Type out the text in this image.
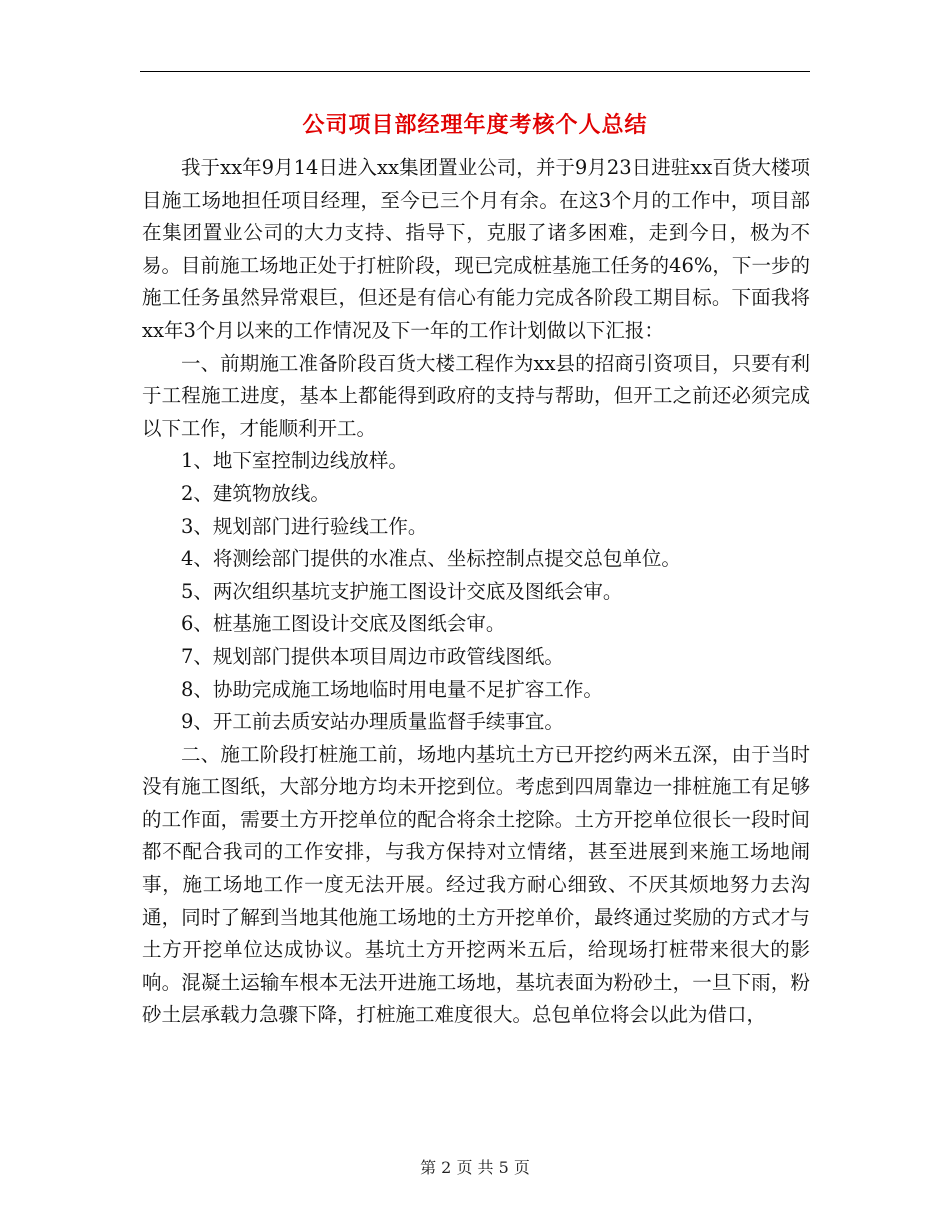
公司项目部经理年度考核个人总结

我于xx年9月14日进入xx集团置业公司，并于9月23日进驻xx百货大楼项目施工场地担任项目经理，至今已三个月有余。在这3个月的工作中，项目部在集团置业公司的大力支持、指导下，克服了诸多困难，走到今日，极为不易。目前施工场地正处于打桩阶段，现已完成桩基施工任务的46%，下一步的施工任务虽然异常艰巨，但还是有信心有能力完成各阶段工期目标。下面我将xx年3个月以来的工作情况及下一年的工作计划做以下汇报：

一、前期施工准备阶段百货大楼工程作为xx县的招商引资项目，只要有利于工程施工进度，基本上都能得到政府的支持与帮助，但开工之前还必须完成以下工作，才能顺利开工。

1、地下室控制边线放样。

2、建筑物放线。

3、规划部门进行验线工作。

4、将测绘部门提供的水准点、坐标控制点提交总包单位。

5、两次组织基坑支护施工图设计交底及图纸会审。

6、桩基施工图设计交底及图纸会审。

7、规划部门提供本项目周边市政管线图纸。

8、协助完成施工场地临时用电量不足扩容工作。

9、开工前去质安站办理质量监督手续事宜。

二、施工阶段打桩施工前，场地内基坑土方已开挖约两米五深，由于当时没有施工图纸，大部分地方均未开挖到位。考虑到四周靠边一排桩施工有足够的工作面，需要土方开挖单位的配合将余土挖除。土方开挖单位很长一段时间都不配合我司的工作安排，与我方保持对立情绪，甚至进展到来施工场地闹事，施工场地工作一度无法开展。经过我方耐心细致、不厌其烦地努力去沟通，同时了解到当地其他施工场地的土方开挖单价，最终通过奖励的方式才与土方开挖单位达成协议。基坑土方开挖两米五后，给现场打桩带来很大的影响。混凝土运输车根本无法开进施工场地，基坑表面为粉砂土，一旦下雨，粉砂土层承载力急骤下降，打桩施工难度很大。总包单位将会以此为借口，

第 2 页 共 5 页
